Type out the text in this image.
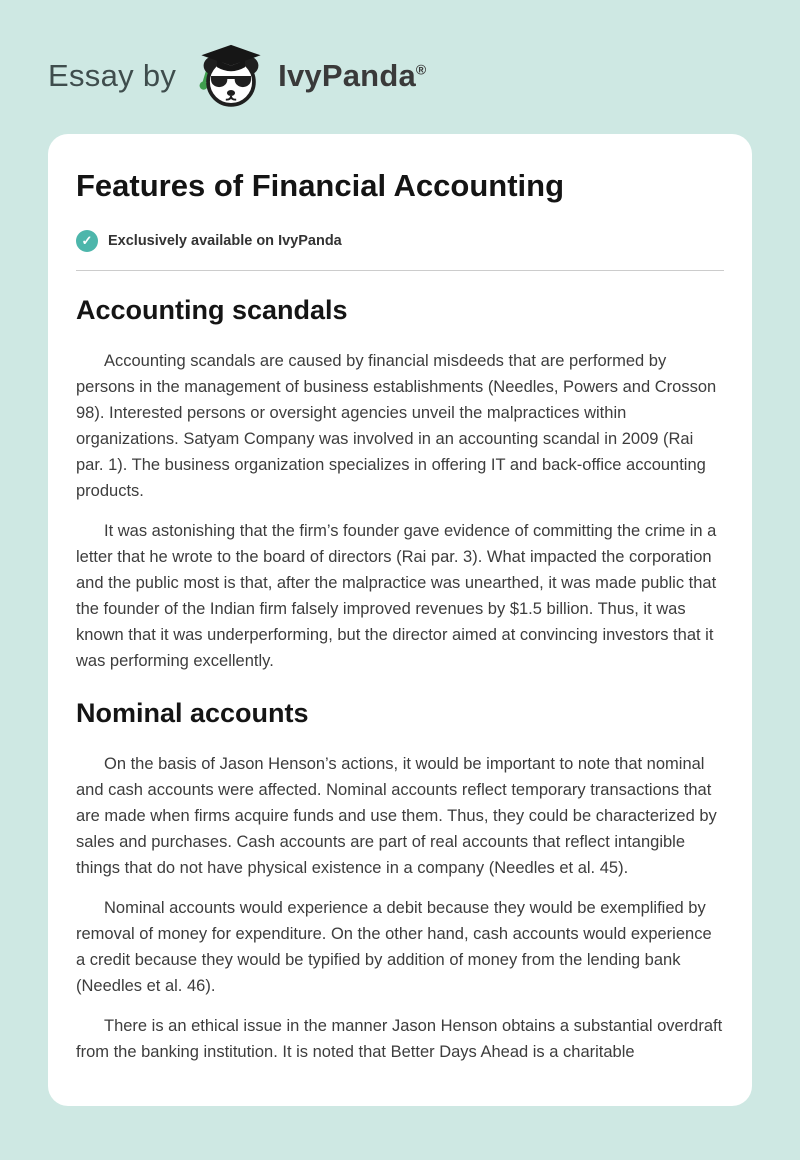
Essay by	IvyPanda®
Features of Financial Accounting
✓	Exclusively available on IvyPanda
Accounting scandals

Accounting scandals are caused by financial misdeeds that are performed by persons in the management of business establishments (Needles, Powers and Crosson 98). Interested persons or oversight agencies unveil the malpractices within organizations. Satyam Company was involved in an accounting scandal in 2009 (Rai par. 1). The business organization specializes in offering IT and back-office accounting products.

It was astonishing that the firm’s founder gave evidence of committing the crime in a letter that he wrote to the board of directors (Rai par. 3). What impacted the corporation and the public most is that, after the malpractice was unearthed, it was made public that the founder of the Indian firm falsely improved revenues by $1.5 billion. Thus, it was known that it was underperforming, but the director aimed at convincing investors that it was performing excellently.

Nominal accounts

On the basis of Jason Henson’s actions, it would be important to note that nominal and cash accounts were affected. Nominal accounts reflect temporary transactions that are made when firms acquire funds and use them. Thus, they could be characterized by sales and purchases. Cash accounts are part of real accounts that reflect intangible things that do not have physical existence in a company (Needles et al. 45).

Nominal accounts would experience a debit because they would be exemplified by removal of money for expenditure. On the other hand, cash accounts would experience a credit because they would be typified by addition of money from the lending bank (Needles et al. 46).

There is an ethical issue in the manner Jason Henson obtains a substantial overdraft from the banking institution. It is noted that Better Days Ahead is a charitable
